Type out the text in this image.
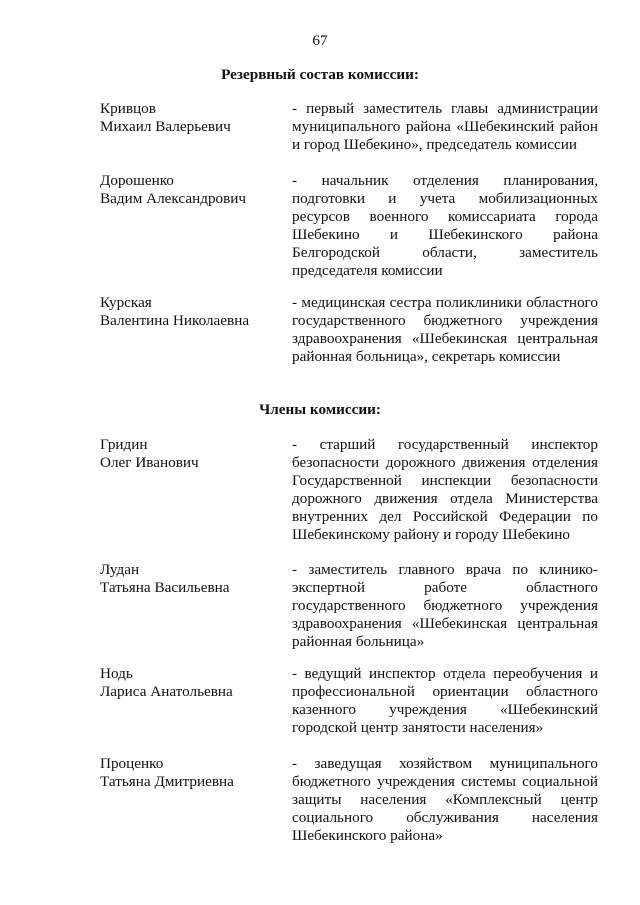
67
Резервный состав комиссии:
Кривцов
Михаил Валерьевич
- первый заместитель главы администрации муниципального района «Шебекинский район и город Шебекино», председатель комиссии
Дорошенко
Вадим Александрович
- начальник отделения планирования, подготовки и учета мобилизационных ресурсов военного комиссариата города Шебекино и Шебекинского района Белгородской области, заместитель председателя комиссии
Курская
Валентина Николаевна
- медицинская сестра поликлиники областного государственного бюджетного учреждения здравоохранения «Шебекинская центральная районная больница», секретарь комиссии
Члены комиссии:
Гридин
Олег Иванович
- старший государственный инспектор безопасности дорожного движения отделения Государственной инспекции безопасности дорожного движения отдела Министерства внутренних дел Российской Федерации по Шебекинскому району и городу Шебекино
Лудан
Татьяна Васильевна
- заместитель главного врача по клинико-экспертной работе областного государственного бюджетного учреждения здравоохранения «Шебекинская центральная районная больница»
Нодь
Лариса Анатольевна
- ведущий инспектор отдела переобучения и профессиональной ориентации областного казенного учреждения «Шебекинский городской центр занятости населения»
Проценко
Татьяна Дмитриевна
- заведущая хозяйством муниципального бюджетного учреждения системы социальной защиты населения «Комплексный центр социального обслуживания населения Шебекинского района»
